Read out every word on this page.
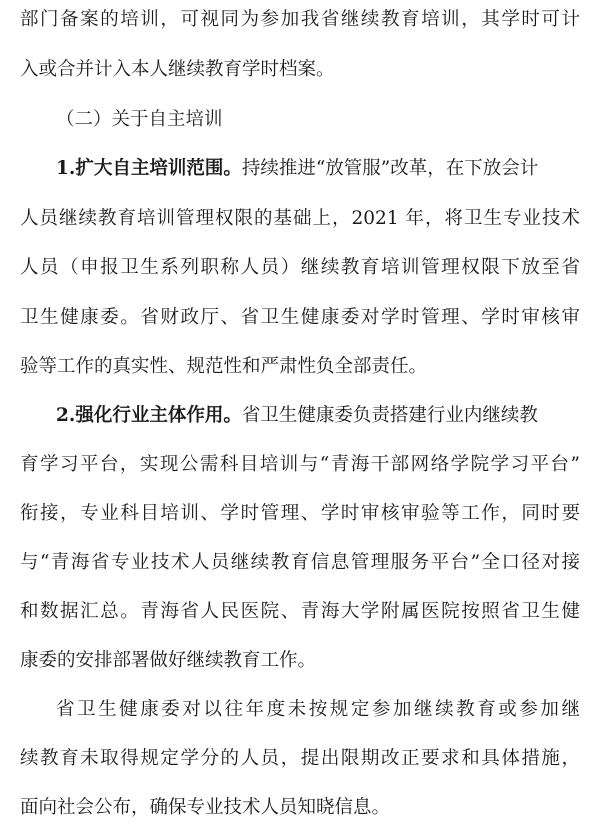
部门备案的培训，可视同为参加我省继续教育培训，其学时可计
入或合并计入本人继续教育学时档案。
（二）关于自主培训
1.扩大自主培训范围。持续推进“放管服”改革，在下放会计
人员继续教育培训管理权限的基础上，2021 年，将卫生专业技术
人员（申报卫生系列职称人员）继续教育培训管理权限下放至省
卫生健康委。省财政厅、省卫生健康委对学时管理、学时审核审
验等工作的真实性、规范性和严肃性负全部责任。
2.强化行业主体作用。省卫生健康委负责搭建行业内继续教
育学习平台，实现公需科目培训与“青海干部网络学院学习平台”
衔接，专业科目培训、学时管理、学时审核审验等工作，同时要
与“青海省专业技术人员继续教育信息管理服务平台”全口径对接
和数据汇总。青海省人民医院、青海大学附属医院按照省卫生健
康委的安排部署做好继续教育工作。
省卫生健康委对以往年度未按规定参加继续教育或参加继
续教育未取得规定学分的人员，提出限期改正要求和具体措施，
面向社会公布，确保专业技术人员知晓信息。
